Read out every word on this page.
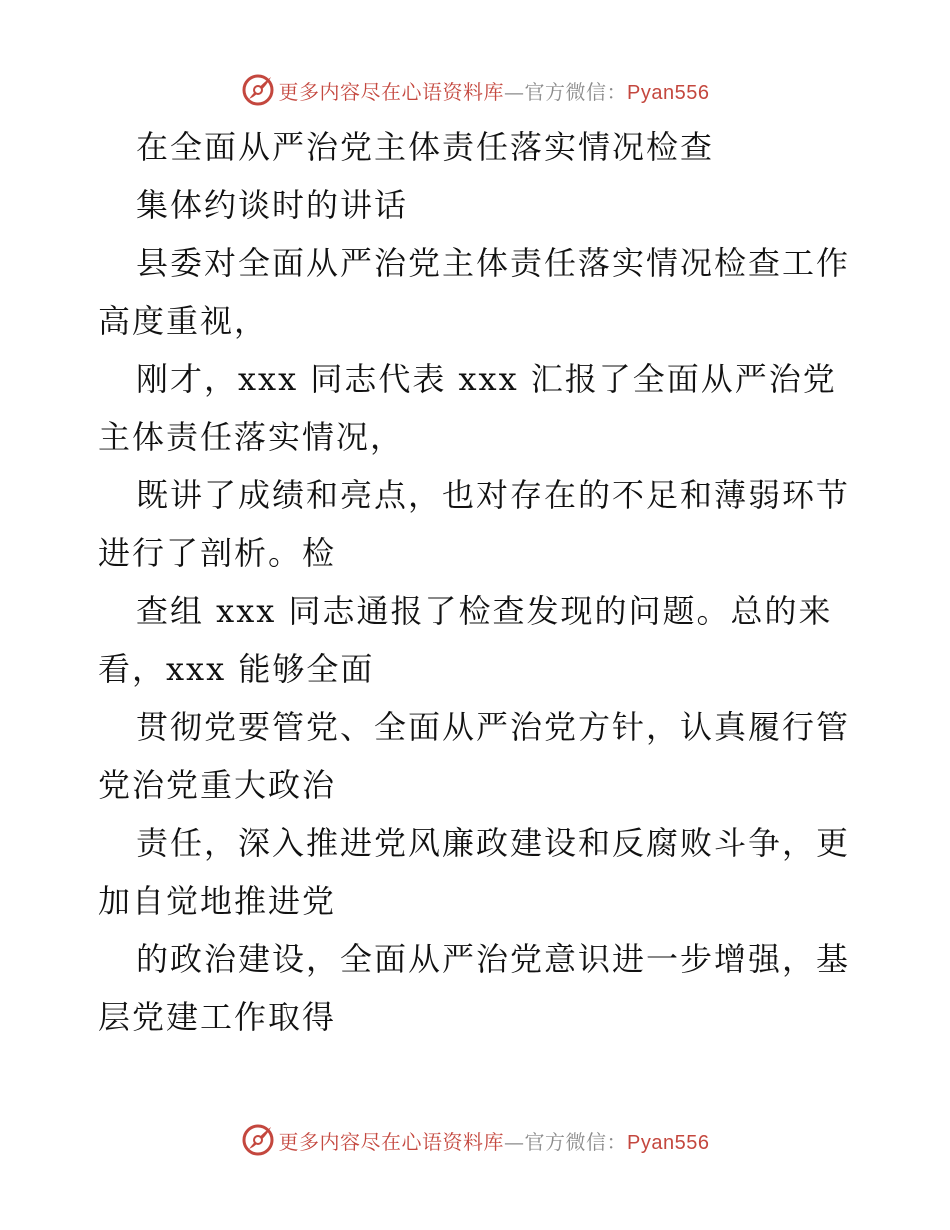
更多内容尽在心语资料库—官方微信：Pyan556
在全面从严治党主体责任落实情况检查
集体约谈时的讲话
县委对全面从严治党主体责任落实情况检查工作
高度重视，
刚才，xxx 同志代表 xxx 汇报了全面从严治党
主体责任落实情况，
既讲了成绩和亮点，也对存在的不足和薄弱环节
进行了剖析。检
查组 xxx 同志通报了检查发现的问题。总的来
看，xxx 能够全面
贯彻党要管党、全面从严治党方针，认真履行管
党治党重大政治
责任，深入推进党风廉政建设和反腐败斗争，更
加自觉地推进党
的政治建设，全面从严治党意识进一步增强，基
层党建工作取得
更多内容尽在心语资料库—官方微信：Pyan556
